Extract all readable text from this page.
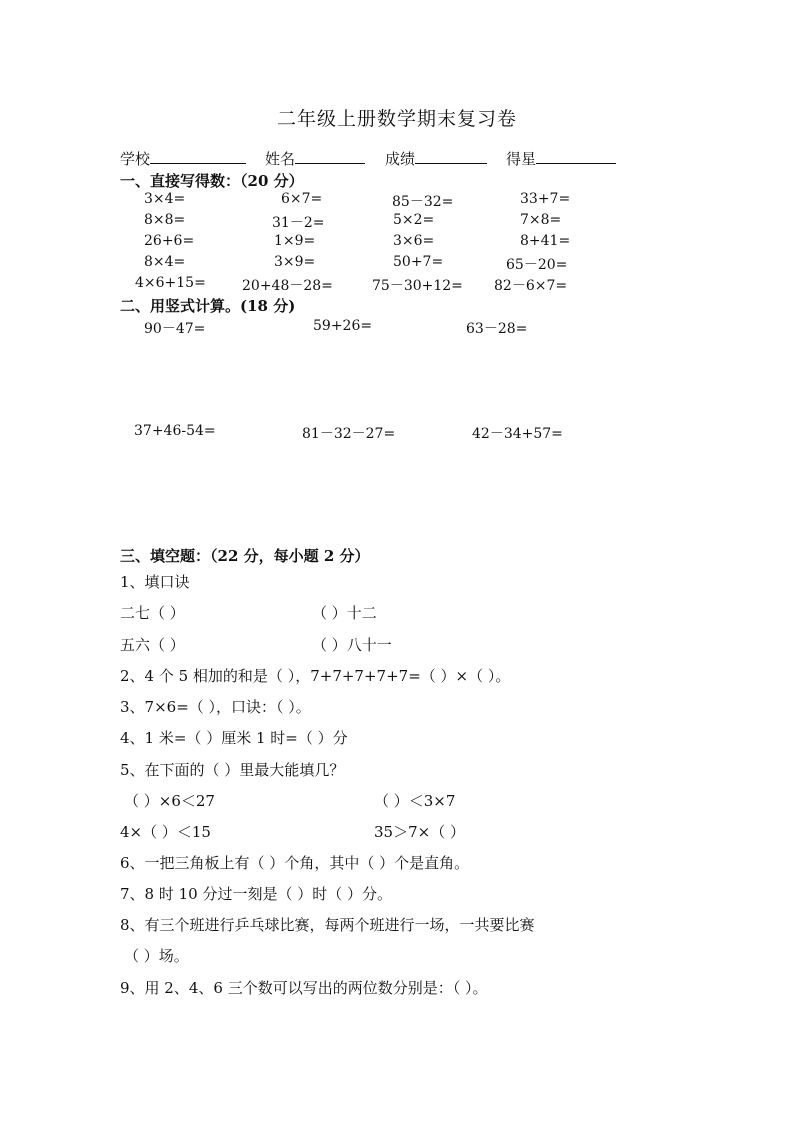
二年级上册数学期末复习卷
学校	姓名	成绩	得星
一、直接写得数：（20 分）
3×4=	6×7=	85－32=	33+7=
8×8=	31－2=	5×2=	7×8=
26+6=	1×9=	3×6=	8+41=
8×4=	3×9=	50+7=	65－20=
4×6+15=	20+48－28=	75－30+12= 82－6×7=
二、用竖式计算。(18 分)
90－47=	59+26=	63－28=
37+46-54=	81－32－27=	42－34+57=
三、填空题：（22 分，每小题 2 分）
1、填口诀
二七（ ）	（ ）十二
五六（ ）	（ ）八十一
2、4 个 5 相加的和是（ ），7+7+7+7+7=（ ）×（ ）。
3、7×6=（ ），口诀：（ ）。
4、1 米=（ ）厘米 1 时=（ ）分
5、在下面的（ ）里最大能填几？
（ ）×6＜27	（ ）＜3×7
4×（ ）＜15	35＞7×（ ）
6、一把三角板上有（ ）个角，其中（ ）个是直角。
7、8 时 10 分过一刻是（ ）时（ ）分。
8、有三个班进行乒乓球比赛，每两个班进行一场，一共要比赛
（ ）场。
9、用 2、4、6 三个数可以写出的两位数分别是：（ ）。
